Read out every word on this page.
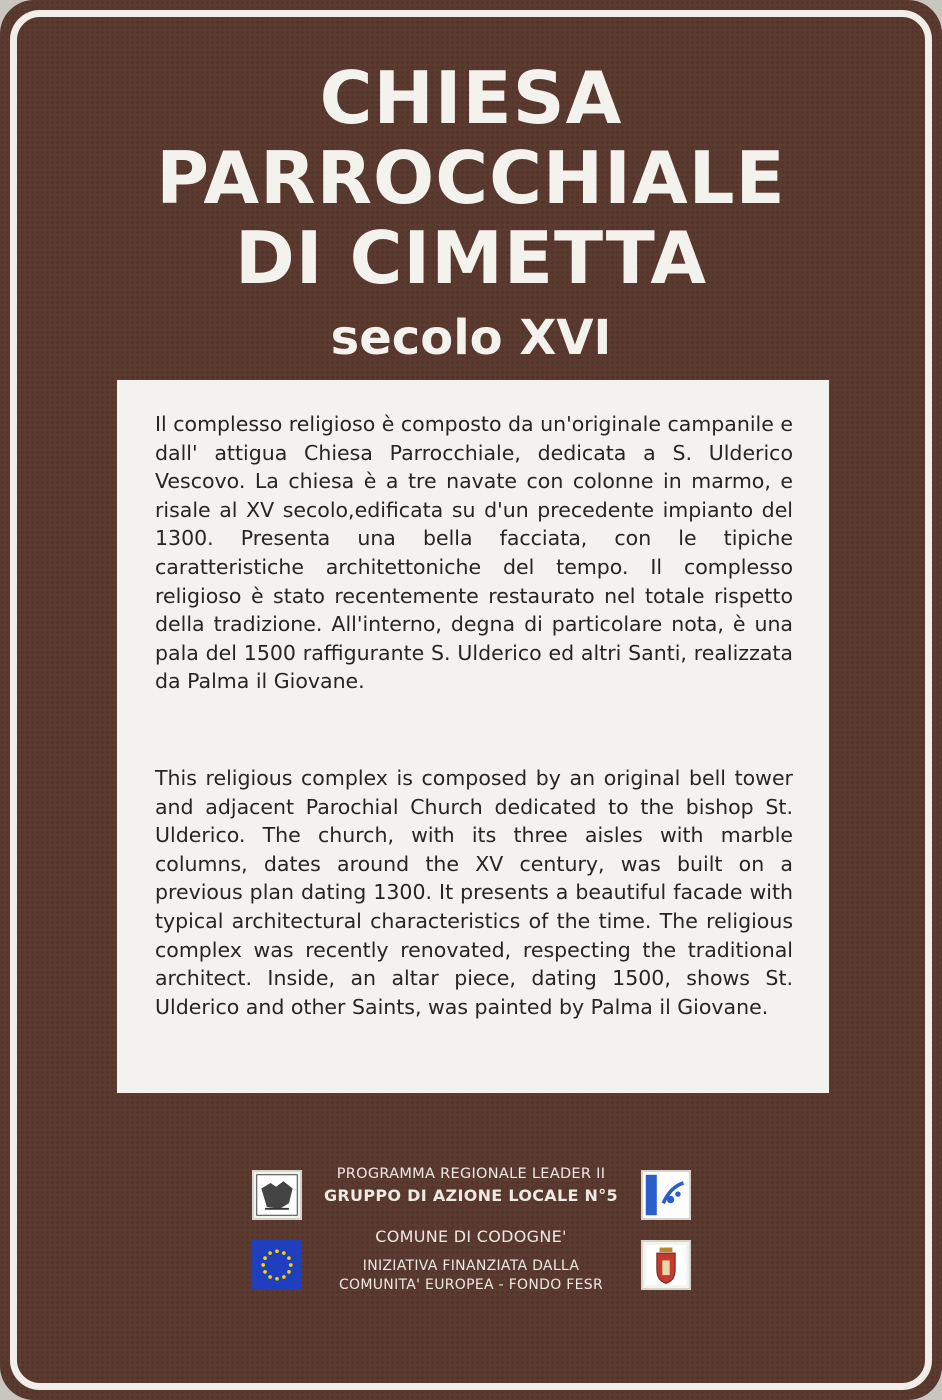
CHIESA
PARROCCHIALE
DI CIMETTA
secolo XVI

Il complesso religioso è composto da un'originale campanile e dall' attigua Chiesa Parrocchiale, dedicata a S. Ulderico Vescovo. La chiesa è a tre navate con colonne in marmo, e risale al XV secolo,edificata su d'un precedente impianto del 1300. Presenta una bella facciata, con le tipiche caratteristiche architettoniche del tempo. Il complesso religioso è stato recentemente restaurato nel totale rispetto della tradizione. All'interno, degna di particolare nota, è una pala del 1500 raffigurante S. Ulderico ed altri Santi, realizzata da Palma il Giovane.

This religious complex is composed by an original bell tower and adjacent Parochial Church dedicated to the bishop St. Ulderico. The church, with its three aisles with marble columns, dates around the XV century, was built on a previous plan dating 1300. It presents a beautiful facade with typical architectural characteristics of the time. The religious complex was recently renovated, respecting the traditional architect. Inside, an altar piece, dating 1500, shows St. Ulderico and other Saints, was painted by Palma il Giovane.

PROGRAMMA REGIONALE LEADER II
GRUPPO DI AZIONE LOCALE N°5
COMUNE DI CODOGNE'
INIZIATIVA FINANZIATA DALLA
COMUNITA' EUROPEA - FONDO FESR
